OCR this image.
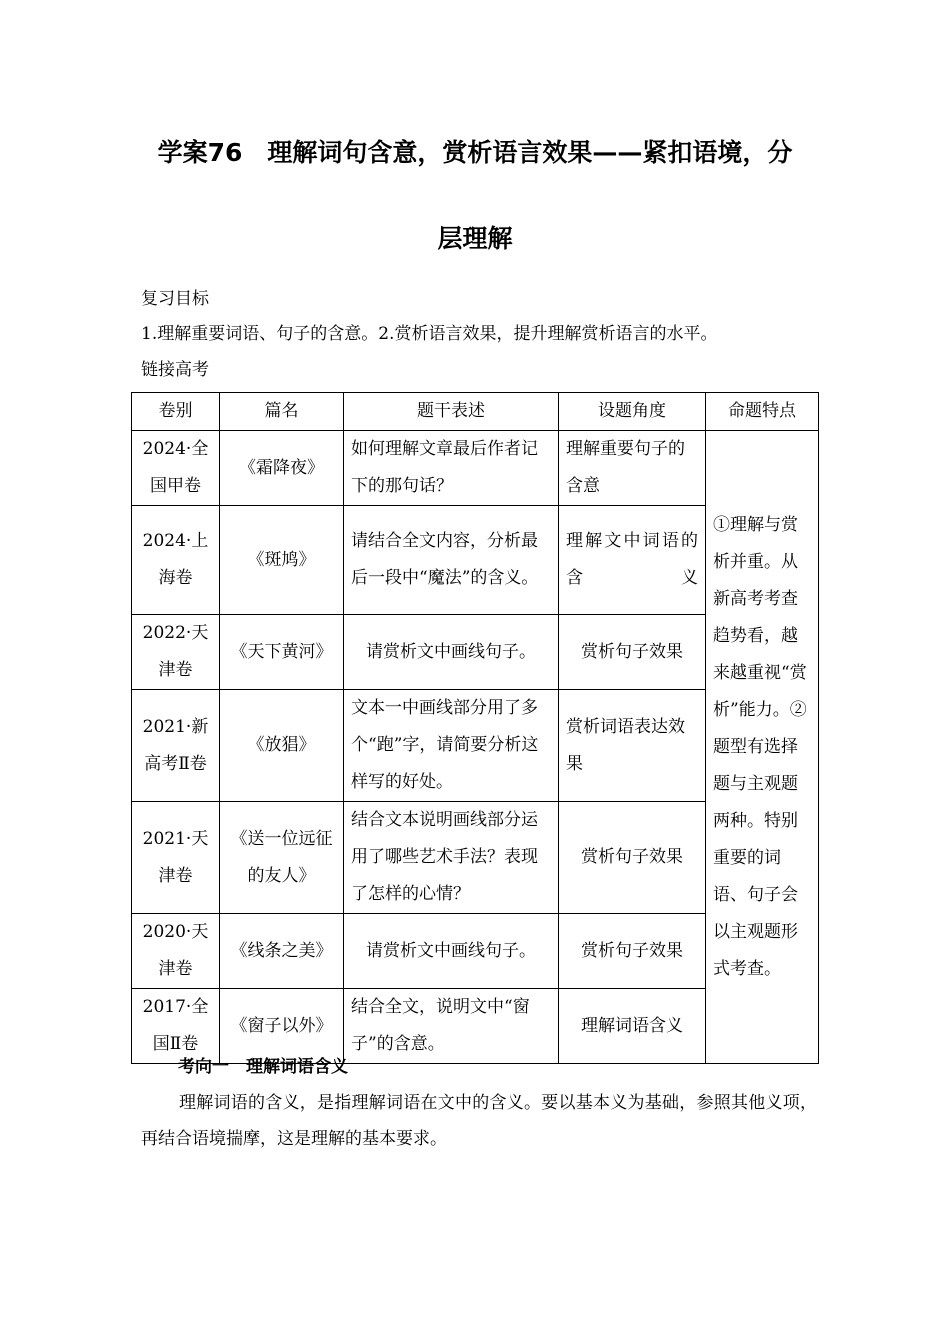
学案76　理解词句含意，赏析语言效果——紧扣语境，分
层理解
复习目标
1.理解重要词语、句子的含意。2.赏析语言效果，提升理解赏析语言的水平。
链接高考
卷别	篇名	题干表述	设题角度	命题特点
2024·全国甲卷	《霜降夜》	如何理解文章最后作者记下的那句话？	理解重要句子的含意	①理解与赏析并重。从新高考考查趋势看，越来越重视“赏析”能力。②题型有选择题与主观题两种。特别重要的词语、句子会以主观题形式考查。
2024·上海卷	《斑鸠》	请结合全文内容，分析最后一段中“魔法”的含义。	理解文中词语的含义	
2022·天津卷	《天下黄河》	请赏析文中画线句子。	赏析句子效果	
2021·新高考Ⅱ卷	《放猖》	文本一中画线部分用了多个“跑”字，请简要分析这样写的好处。	赏析词语表达效果	
2021·天津卷	《送一位远征的友人》	结合文本说明画线部分运用了哪些艺术手法？表现了怎样的心情？	赏析句子效果	
2020·天津卷	《线条之美》	请赏析文中画线句子。	赏析句子效果	
2017·全国Ⅱ卷	《窗子以外》	结合全文，说明文中“窗子”的含意。	理解词语含义	
考向一　理解词语含义
理解词语的含义，是指理解词语在文中的含义。要以基本义为基础，参照其他义项，再结合语境揣摩，这是理解的基本要求。
